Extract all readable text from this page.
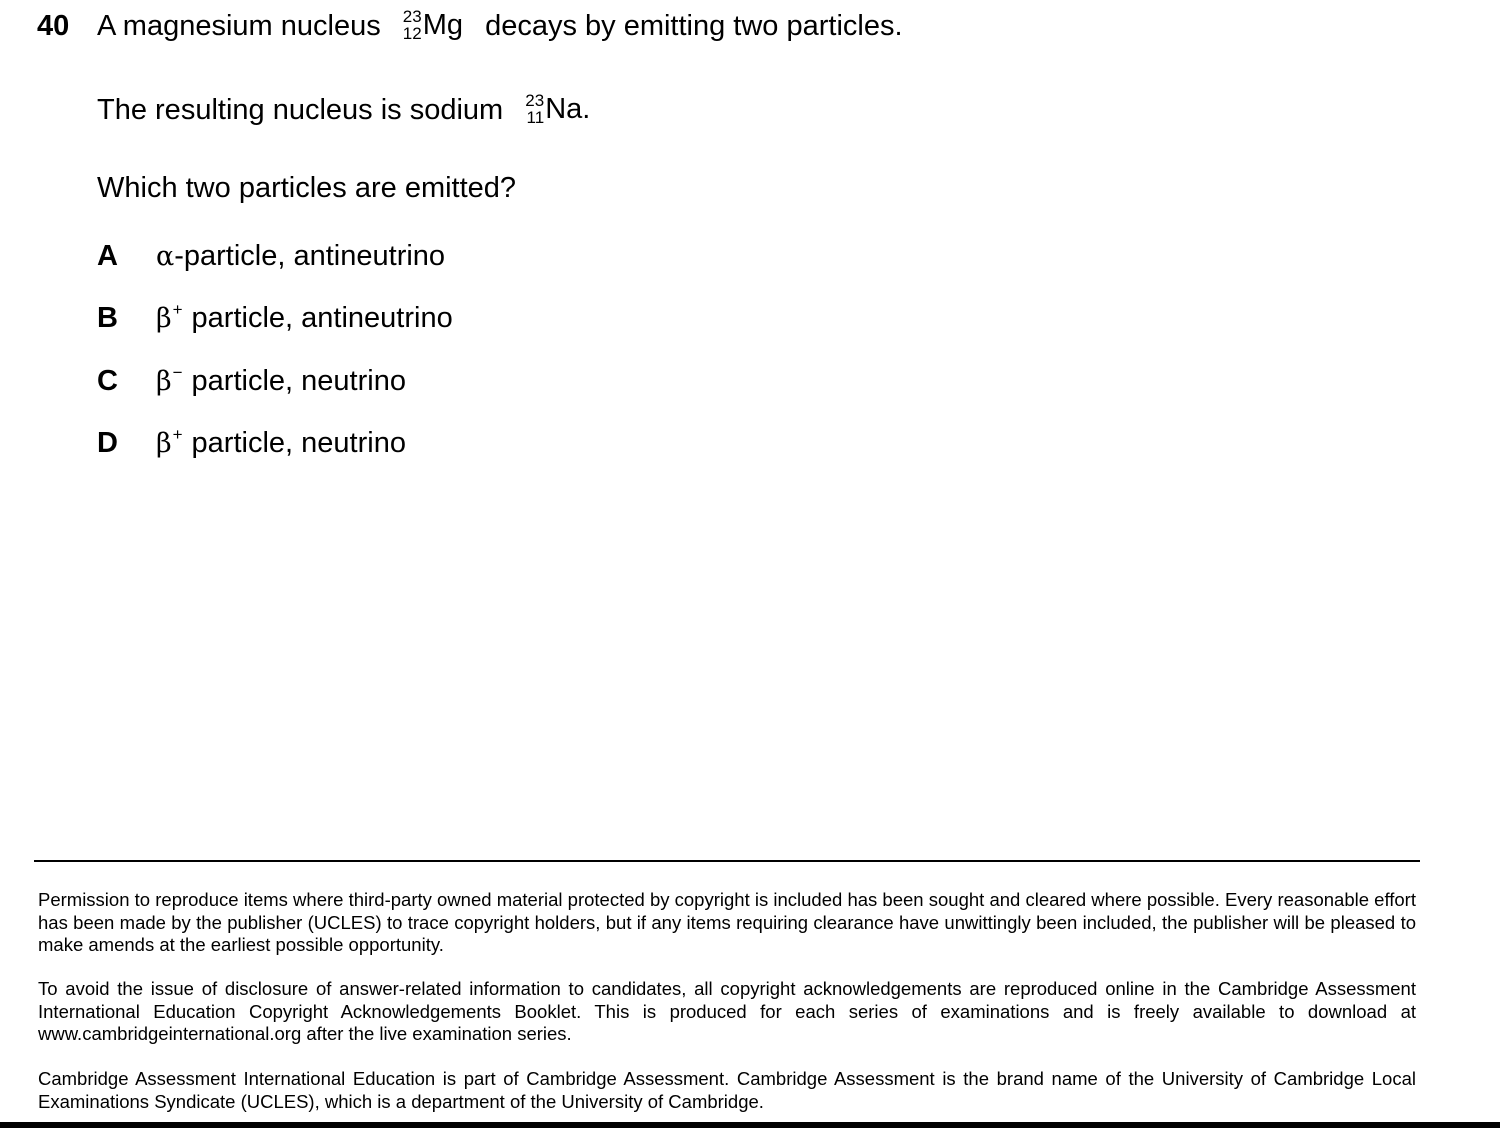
40 A magnesium nucleus 23
12 Mg decays by emitting two particles.
The resulting nucleus is sodium 23
11 Na.
Which two particles are emitted?
A α-particle, antineutrino
B β+ particle, antineutrino
C β− particle, neutrino
D β+ particle, neutrino

Permission to reproduce items where third-party owned material protected by copyright is included has been sought and cleared where possible. Every reasonable effort has been made by the publisher (UCLES) to trace copyright holders, but if any items requiring clearance have unwittingly been included, the publisher will be pleased to make amends at the earliest possible opportunity.

To avoid the issue of disclosure of answer-related information to candidates, all copyright acknowledgements are reproduced online in the Cambridge Assessment International Education Copyright Acknowledgements Booklet. This is produced for each series of examinations and is freely available to download at www.cambridgeinternational.org after the live examination series.

Cambridge Assessment International Education is part of Cambridge Assessment. Cambridge Assessment is the brand name of the University of Cambridge Local Examinations Syndicate (UCLES), which is a department of the University of Cambridge.
